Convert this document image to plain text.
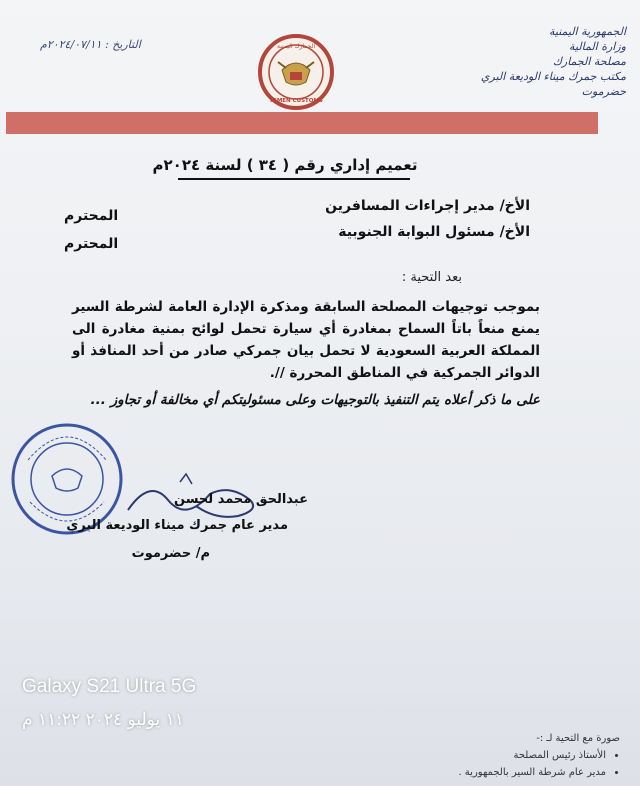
الجمهورية اليمنية
وزارة المالية
مصلحة الجمارك
مكتب جمرك ميناء الوديعة البري
حضرموت
التاريخ : ٢٠٢٤/٠٧/١١م	الجمارك اليمنية
YEMEN CUSTOMS
تعميم إداري رقم ( ٣٤ ) لسنة ٢٠٢٤م
الأخ/ مدير إجراءات المسافرين
المحترم
الأخ/ مسئول البوابة الجنوبية
المحترم
بعد التحية :
بموجب توجيهات المصلحة السابقة ومذكرة الإدارة العامة لشرطة السير يمنع منعاً باتاً السماح بمغادرة أي سيارة تحمل لوائح بمنية مغادرة الى المملكة العربية السعودية لا تحمل بيان جمركي صادر من أحد المنافذ أو الدوائر الجمركية في المناطق المحررة //.
على ما ذكر أعلاه يتم التنفيذ بالتوجيهات وعلى مسئوليتكم أي مخالفة أو تجاوز ...
عبدالحق محمد لحسن
مدير عام جمرك ميناء الوديعة البري
م/ حضرموت
Galaxy S21 Ultra 5G
١١ يوليو ٢٠٢٤ ١١:٢٢ م
صورة مع التحية لـ :-
• الأستاذ رئيس المصلحة
• مدير عام شرطة السير بالجمهورية .
